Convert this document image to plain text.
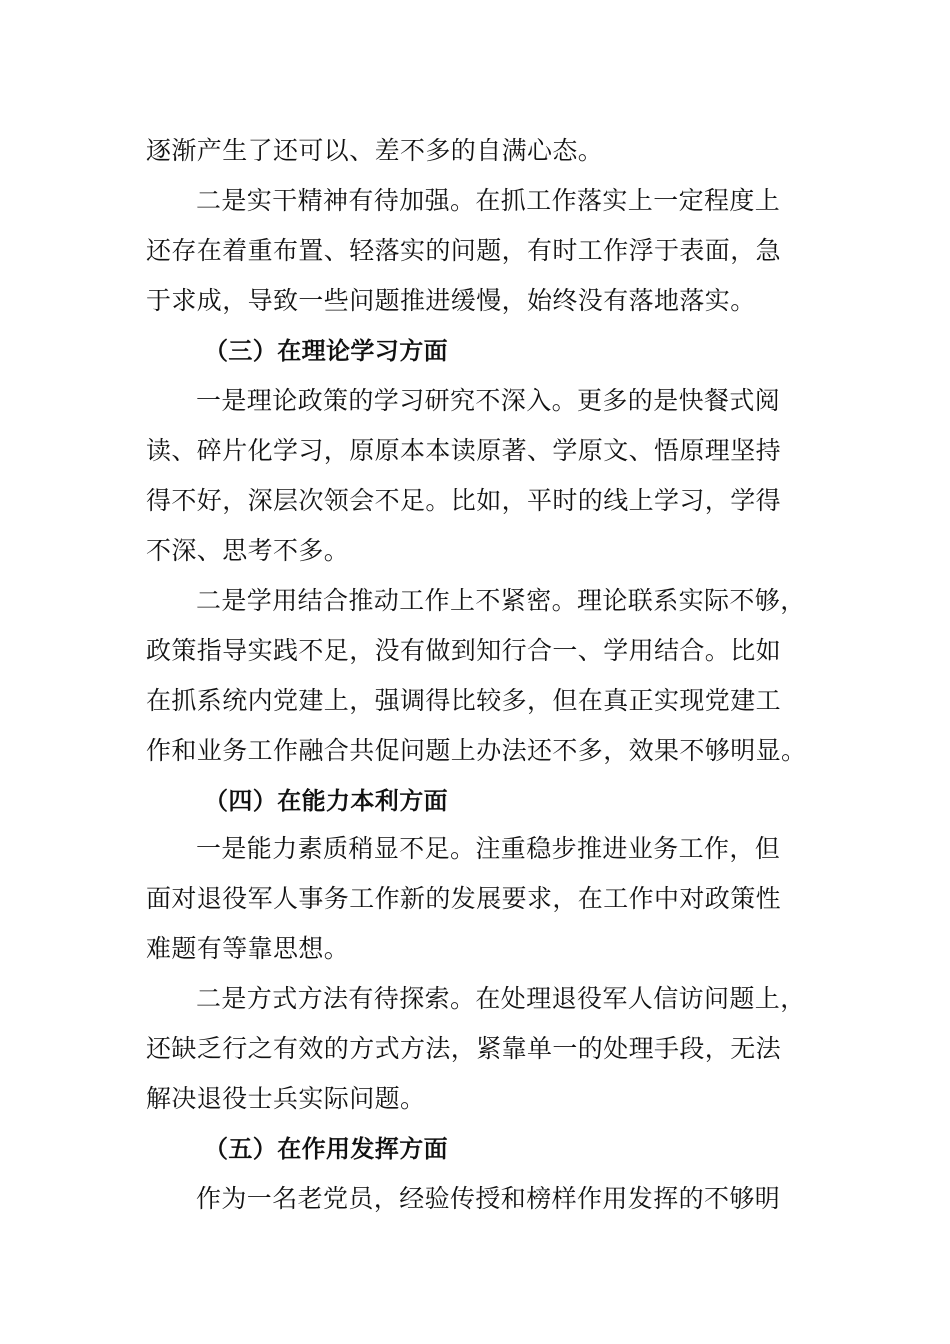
逐渐产生了还可以、差不多的自满心态。
二是实干精神有待加强。在抓工作落实上一定程度上
还存在着重布置、轻落实的问题，有时工作浮于表面，急
于求成，导致一些问题推进缓慢，始终没有落地落实。
（三）在理论学习方面
一是理论政策的学习研究不深入。更多的是快餐式阅
读、碎片化学习，原原本本读原著、学原文、悟原理坚持
得不好，深层次领会不足。比如，平时的线上学习，学得
不深、思考不多。
二是学用结合推动工作上不紧密。理论联系实际不够，
政策指导实践不足，没有做到知行合一、学用结合。比如
在抓系统内党建上，强调得比较多，但在真正实现党建工
作和业务工作融合共促问题上办法还不多，效果不够明显。
（四）在能力本利方面
一是能力素质稍显不足。注重稳步推进业务工作，但
面对退役军人事务工作新的发展要求，在工作中对政策性
难题有等靠思想。
二是方式方法有待探索。在处理退役军人信访问题上，
还缺乏行之有效的方式方法，紧靠单一的处理手段，无法
解决退役士兵实际问题。
（五）在作用发挥方面
作为一名老党员，经验传授和榜样作用发挥的不够明
